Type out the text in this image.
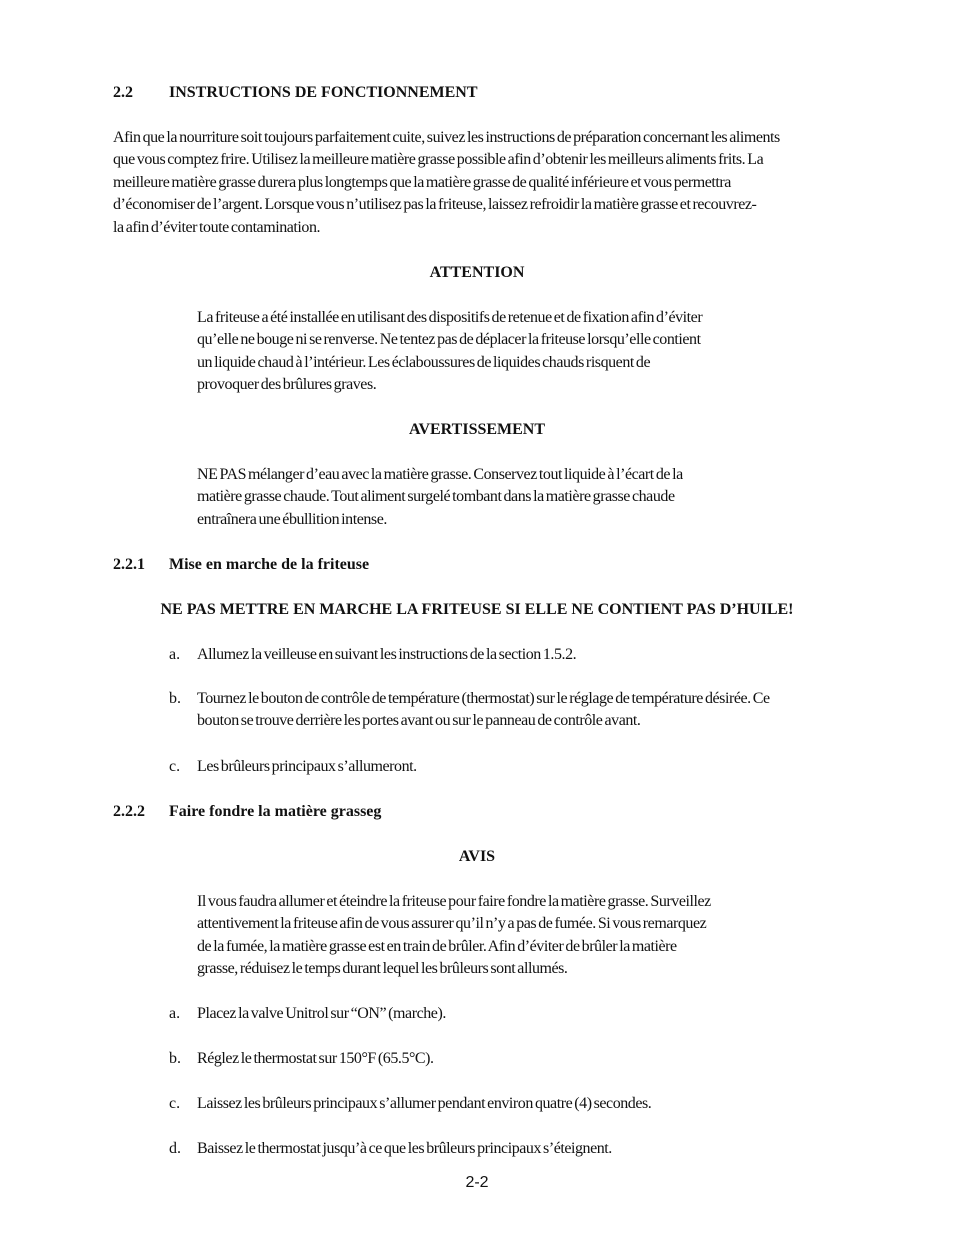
2.2 INSTRUCTIONS DE FONCTIONNEMENT
Afin que la nourriture soit toujours parfaitement cuite, suivez les instructions de préparation concernant les aliments
que vous comptez frire. Utilisez la meilleure matière grasse possible afin d’obtenir les meilleurs aliments frits. La
meilleure matière grasse durera plus longtemps que la matière grasse de qualité inférieure et vous permettra
d’économiser de l’argent. Lorsque vous n’utilisez pas la friteuse, laissez refroidir la matière grasse et recouvrez-
la afin d’éviter toute contamination.
ATTENTION
La friteuse a été installée en utilisant des dispositifs de retenue et de fixation afin d’éviter
qu’elle ne bouge ni se renverse. Ne tentez pas de déplacer la friteuse lorsqu’elle contient
un liquide chaud à l’intérieur. Les éclaboussures de liquides chauds risquent de
provoquer des brûlures graves.
AVERTISSEMENT
NE PAS mélanger d’eau avec la matière grasse. Conservez tout liquide à l’écart de la
matière grasse chaude. Tout aliment surgelé tombant dans la matière grasse chaude
entraînera une ébullition intense.
2.2.1 Mise en marche de la friteuse
NE PAS METTRE EN MARCHE LA FRITEUSE SI ELLE NE CONTIENT PAS D’HUILE!
a. Allumez la veilleuse en suivant les instructions de la section 1.5.2.
b. Tournez le bouton de contrôle de température (thermostat) sur le réglage de température désirée. Ce
bouton se trouve derrière les portes avant ou sur le panneau de contrôle avant.
c. Les brûleurs principaux s’allumeront.
2.2.2 Faire fondre la matière grasseg
AVIS
Il vous faudra allumer et éteindre la friteuse pour faire fondre la matière grasse. Surveillez
attentivement la friteuse afin de vous assurer qu’il n’y a pas de fumée. Si vous remarquez
de la fumée, la matière grasse est en train de brûler. Afin d’éviter de brûler la matière
grasse, réduisez le temps durant lequel les brûleurs sont allumés.
a. Placez la valve Unitrol sur “ON” (marche).
b. Réglez le thermostat sur 150°F (65.5°C).
c. Laissez les brûleurs principaux s’allumer pendant environ quatre (4) secondes.
d. Baissez le thermostat jusqu’à ce que les brûleurs principaux s’éteignent.
2-2
